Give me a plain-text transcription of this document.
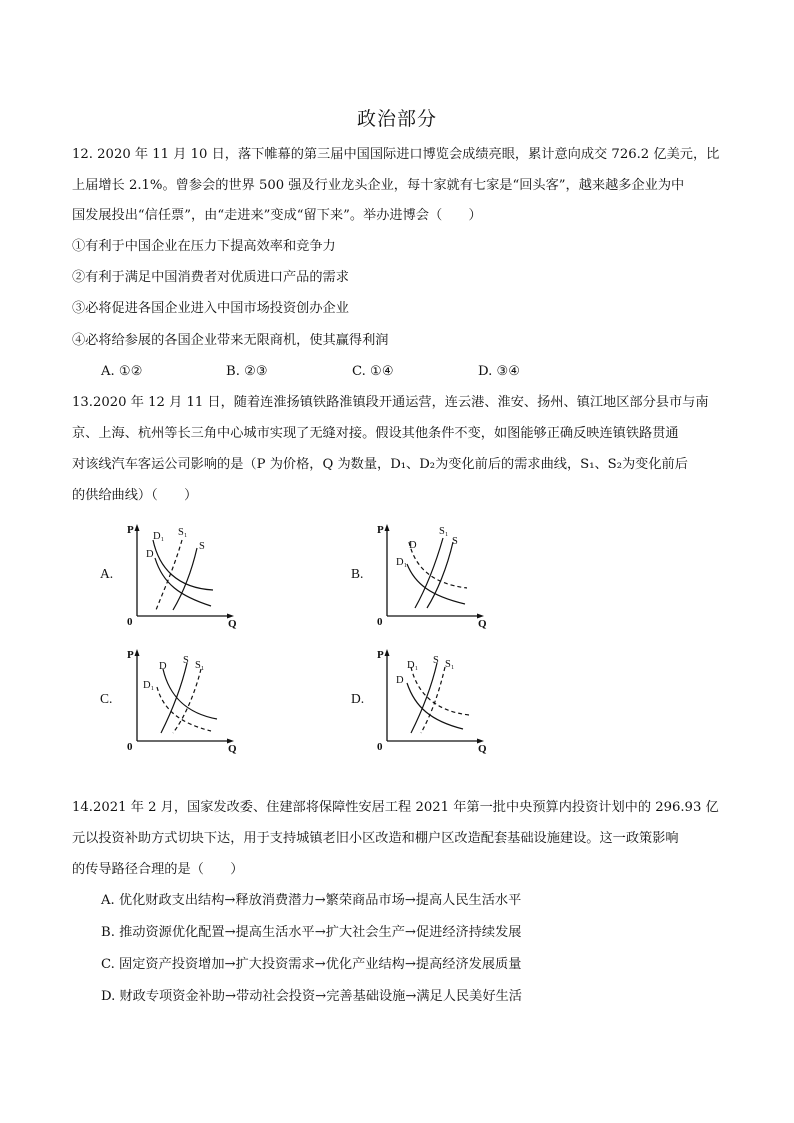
政治部分
12. 2020 年 11 月 10 日，落下帷幕的第三届中国国际进口博览会成绩亮眼，累计意向成交 726.2 亿美元，比
上届增长 2.1%。曾参会的世界 500 强及行业龙头企业，每十家就有七家是“回头客”，越来越多企业为中
国发展投出“信任票”，由“走进来”变成“留下来”。举办进博会（　　）
①有利于中国企业在压力下提高效率和竞争力
②有利于满足中国消费者对优质进口产品的需求
③必将促进各国企业进入中国市场投资创办企业
④必将给参展的各国企业带来无限商机，使其赢得利润
A. ①②	B. ②③	C. ①④	D. ③④
13.2020 年 12 月 11 日，随着连淮扬镇铁路淮镇段开通运营，连云港、淮安、扬州、镇江地区部分县市与南
京、上海、杭州等长三角中心城市实现了无缝对接。假设其他条件不变，如图能够正确反映连镇铁路贯通
对该线汽车客运公司影响的是（P 为价格，Q 为数量，D₁、D₂为变化前后的需求曲线，S₁、S₂为变化前后
的供给曲线）（　　）
A.
P
Q
0
D₁ S₁
D
S
B.
P
Q
0
S₁
D	S
D₁
C.
P
Q
0
D
S S₁
D₁
D.
P
Q
0
D₁ S S₁
D
14.2021 年 2 月，国家发改委、住建部将保障性安居工程 2021 年第一批中央预算内投资计划中的 296.93 亿
元以投资补助方式切块下达，用于支持城镇老旧小区改造和棚户区改造配套基础设施建设。这一政策影响
的传导路径合理的是（　　）
A. 优化财政支出结构→释放消费潜力→繁荣商品市场→提高人民生活水平
B. 推动资源优化配置→提高生活水平→扩大社会生产→促进经济持续发展
C. 固定资产投资增加→扩大投资需求→优化产业结构→提高经济发展质量
D. 财政专项资金补助→带动社会投资→完善基础设施→满足人民美好生活
